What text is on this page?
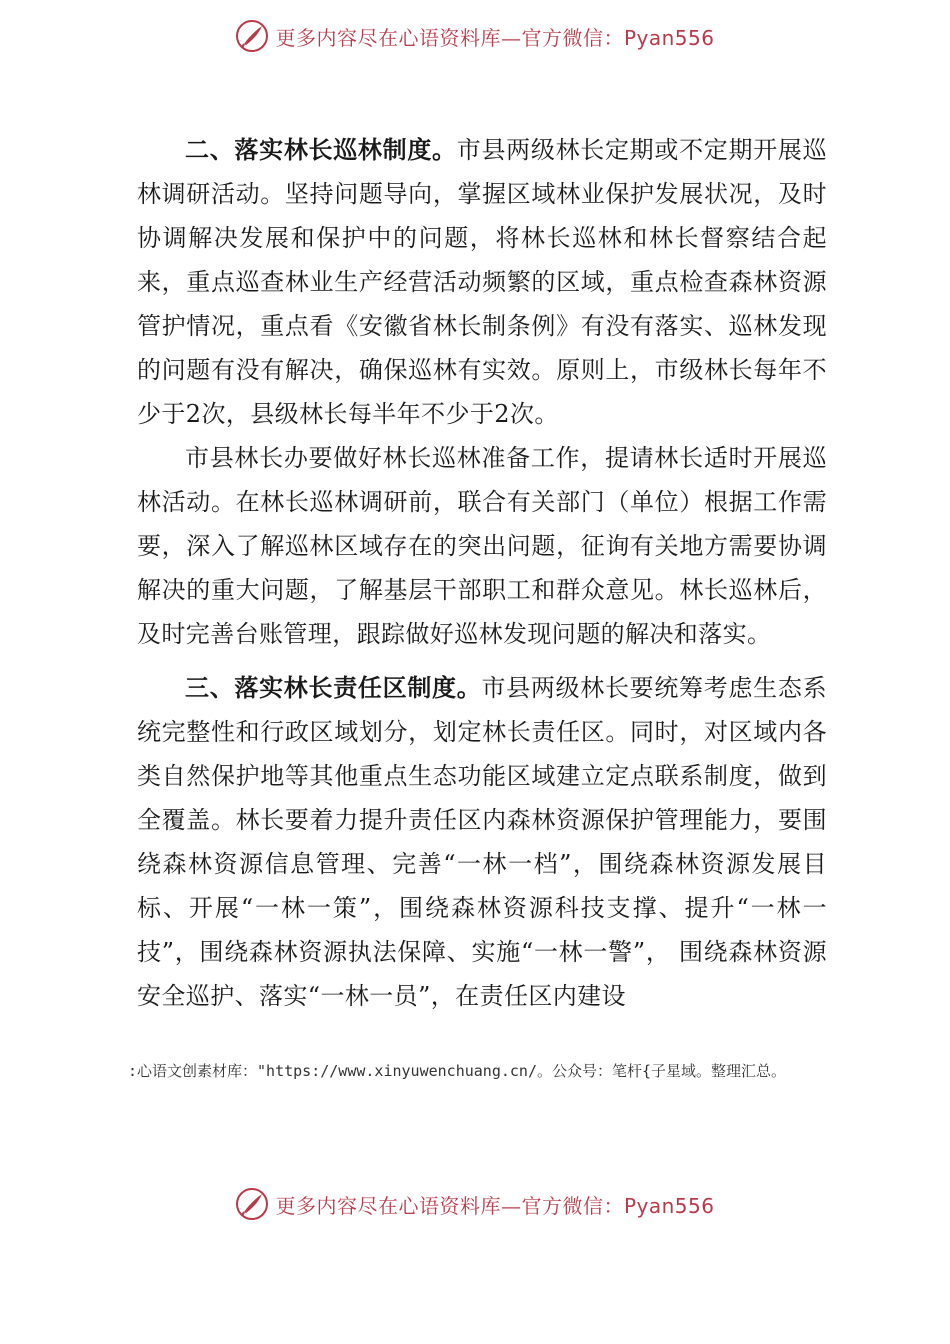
更多内容尽在心语资料库—官方微信：Pyan556

二、落实林长巡林制度。市县两级林长定期或不定期开展巡林调研活动。坚持问题导向，掌握区域林业保护发展状况，及时协调解决发展和保护中的问题，将林长巡林和林长督察结合起来，重点巡查林业生产经营活动频繁的区域，重点检查森林资源管护情况，重点看《安徽省林长制条例》有没有落实、巡林发现的问题有没有解决，确保巡林有实效。原则上，市级林长每年不少于2次，县级林长每半年不少于2次。

市县林长办要做好林长巡林准备工作，提请林长适时开展巡林活动。在林长巡林调研前，联合有关部门（单位）根据工作需要，深入了解巡林区域存在的突出问题，征询有关地方需要协调解决的重大问题，了解基层干部职工和群众意见。林长巡林后，及时完善台账管理，跟踪做好巡林发现问题的解决和落实。

三、落实林长责任区制度。市县两级林长要统筹考虑生态系统完整性和行政区域划分，划定林长责任区。同时，对区域内各类自然保护地等其他重点生态功能区域建立定点联系制度，做到全覆盖。林长要着力提升责任区内森林资源保护管理能力，要围绕森林资源信息管理、完善“一林一档”，围绕森林资源发展目标、开展“一林一策”，围绕森林资源科技支撑、提升“一林一技”，围绕森林资源执法保障、实施“一林一警”， 围绕森林资源安全巡护、落实“一林一员”，在责任区内建设

:心语文创素材库："https://www.xinyuwenchuang.cn/。公众号：笔杆{子星域。整理汇总。
更多内容尽在心语资料库—官方微信：Pyan556
